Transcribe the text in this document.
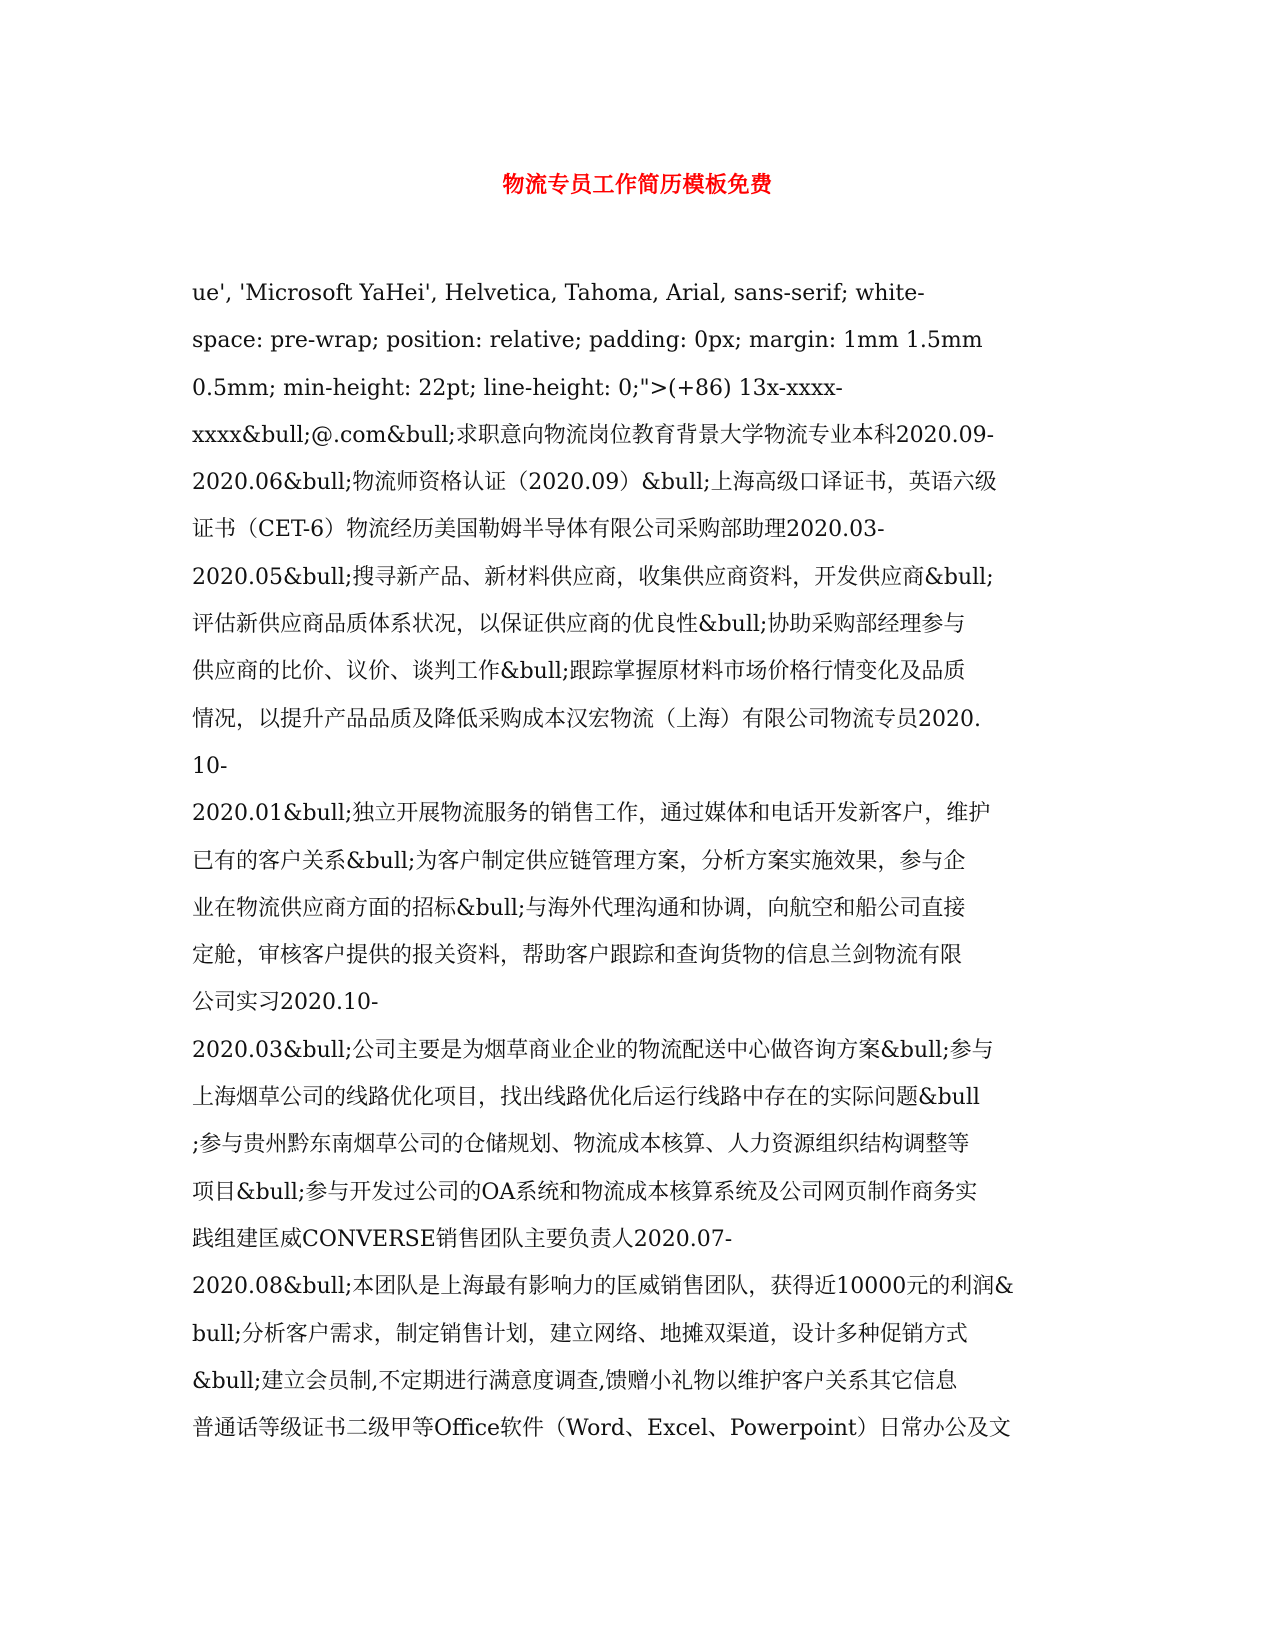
物流专员工作简历模板免费
ue', 'Microsoft YaHei', Helvetica, Tahoma, Arial, sans-serif; white-
space: pre-wrap; position: relative; padding: 0px; margin: 1mm 1.5mm
0.5mm; min-height: 22pt; line-height: 0;">(+86) 13x-xxxx-
xxxx&bull;@.com&bull;求职意向物流岗位教育背景大学物流专业本科2020.09-
2020.06&bull;物流师资格认证（2020.09）&bull;上海高级口译证书，英语六级
证书（CET-6）物流经历美国勒姆半导体有限公司采购部助理2020.03-
2020.05&bull;搜寻新产品、新材料供应商，收集供应商资料，开发供应商&bull;
评估新供应商品质体系状况，以保证供应商的优良性&bull;协助采购部经理参与
供应商的比价、议价、谈判工作&bull;跟踪掌握原材料市场价格行情变化及品质
情况，以提升产品品质及降低采购成本汉宏物流（上海）有限公司物流专员2020.
10-
2020.01&bull;独立开展物流服务的销售工作，通过媒体和电话开发新客户，维护
已有的客户关系&bull;为客户制定供应链管理方案，分析方案实施效果，参与企
业在物流供应商方面的招标&bull;与海外代理沟通和协调，向航空和船公司直接
定舱，审核客户提供的报关资料，帮助客户跟踪和查询货物的信息兰剑物流有限
公司实习2020.10-
2020.03&bull;公司主要是为烟草商业企业的物流配送中心做咨询方案&bull;参与
上海烟草公司的线路优化项目，找出线路优化后运行线路中存在的实际问题&bull
;参与贵州黔东南烟草公司的仓储规划、物流成本核算、人力资源组织结构调整等
项目&bull;参与开发过公司的OA系统和物流成本核算系统及公司网页制作商务实
践组建匡威CONVERSE销售团队主要负责人2020.07-
2020.08&bull;本团队是上海最有影响力的匡威销售团队，获得近10000元的利润&
bull;分析客户需求，制定销售计划，建立网络、地摊双渠道，设计多种促销方式
&bull;建立会员制,不定期进行满意度调查,馈赠小礼物以维护客户关系其它信息
普通话等级证书二级甲等Office软件（Word、Excel、Powerpoint）日常办公及文
